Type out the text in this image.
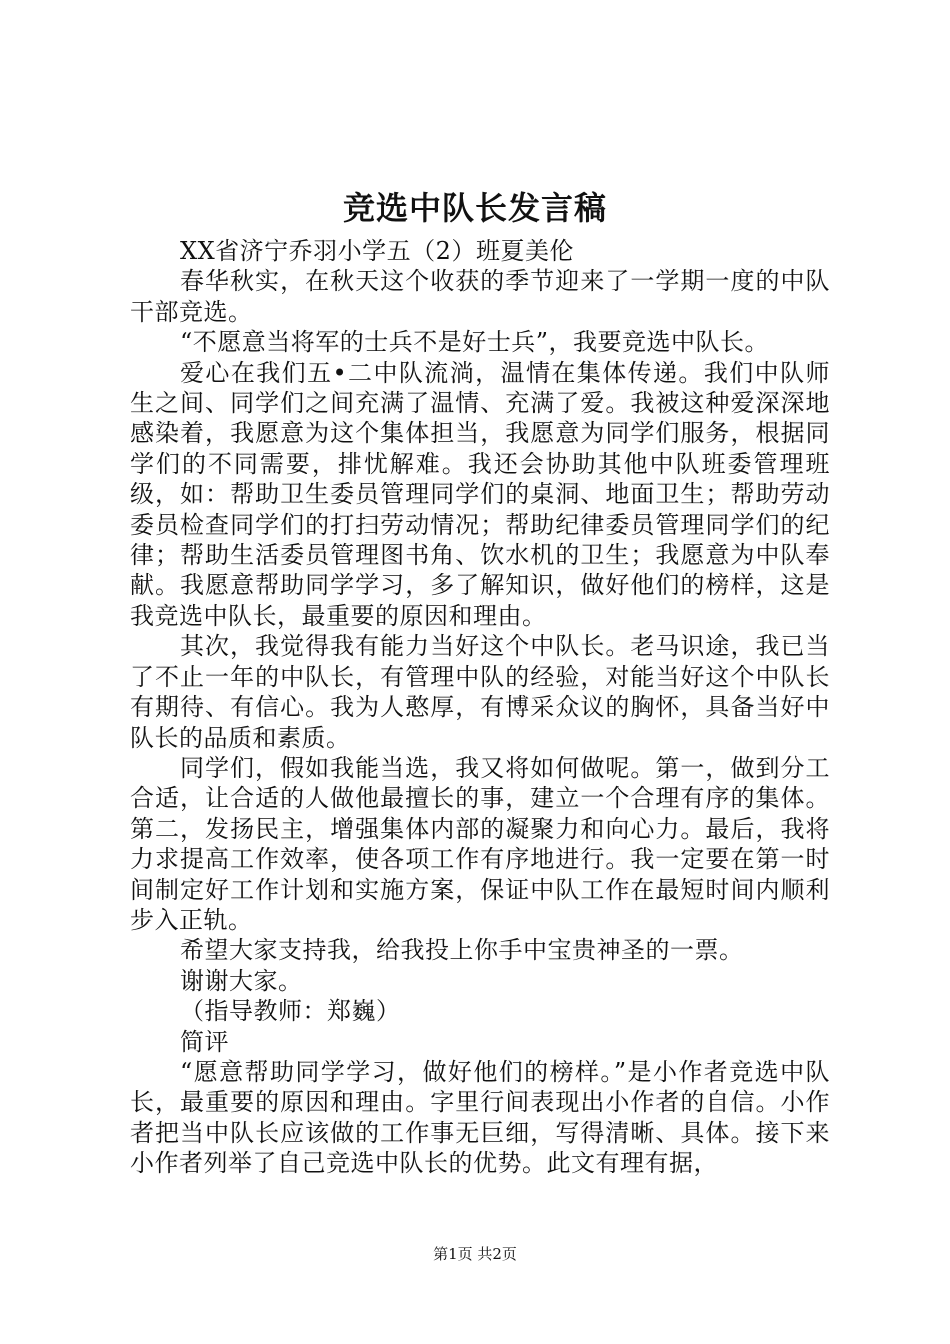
竞选中队长发言稿

XX省济宁乔羽小学五（2）班夏美伦

春华秋实，在秋天这个收获的季节迎来了一学期一度的中队干部竞选。

“不愿意当将军的士兵不是好士兵”，我要竞选中队长。

爱心在我们五•二中队流淌，温情在集体传递。我们中队师生之间、同学们之间充满了温情、充满了爱。我被这种爱深深地感染着，我愿意为这个集体担当，我愿意为同学们服务，根据同学们的不同需要，排忧解难。我还会协助其他中队班委管理班级，如：帮助卫生委员管理同学们的桌洞、地面卫生；帮助劳动委员检查同学们的打扫劳动情况；帮助纪律委员管理同学们的纪律；帮助生活委员管理图书角、饮水机的卫生；我愿意为中队奉献。我愿意帮助同学学习，多了解知识，做好他们的榜样，这是我竞选中队长，最重要的原因和理由。

其次，我觉得我有能力当好这个中队长。老马识途，我已当了不止一年的中队长，有管理中队的经验，对能当好这个中队长有期待、有信心。我为人憨厚，有博采众议的胸怀，具备当好中队长的品质和素质。

同学们，假如我能当选，我又将如何做呢。第一，做到分工合适，让合适的人做他最擅长的事，建立一个合理有序的集体。第二，发扬民主，增强集体内部的凝聚力和向心力。最后，我将力求提高工作效率，使各项工作有序地进行。我一定要在第一时间制定好工作计划和实施方案，保证中队工作在最短时间内顺利步入正轨。

希望大家支持我，给我投上你手中宝贵神圣的一票。

谢谢大家。

（指导教师：郑巍）

简评

“愿意帮助同学学习，做好他们的榜样。”是小作者竞选中队长，最重要的原因和理由。字里行间表现出小作者的自信。小作者把当中队长应该做的工作事无巨细，写得清晰、具体。接下来小作者列举了自己竞选中队长的优势。此文有理有据，

第1页 共2页
